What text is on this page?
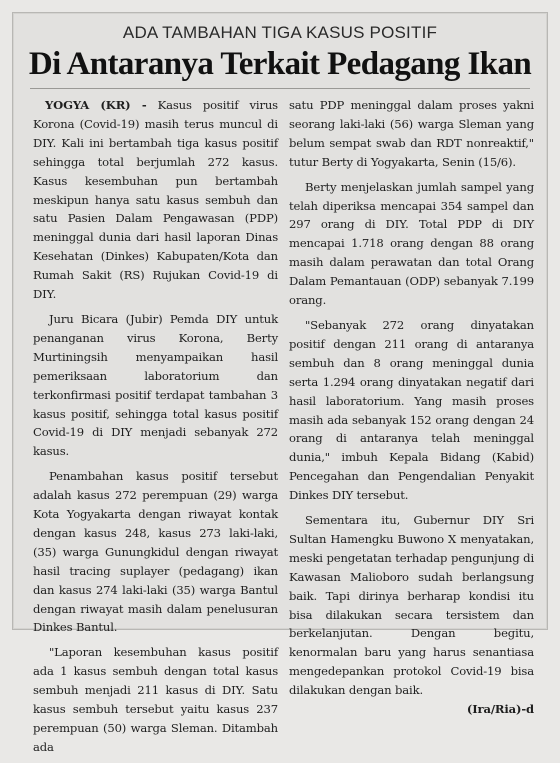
ADA TAMBAHAN TIGA KASUS POSITIF
Di Antaranya Terkait Pedagang Ikan

YOGYA (KR) - Kasus positif virus Korona (Covid-19) masih terus muncul di DIY. Kali ini bertambah tiga kasus positif sehingga total berjumlah 272 kasus. Kasus kesembuhan pun bertambah meskipun hanya satu kasus sembuh dan satu Pasien Dalam Pengawasan (PDP) meninggal dunia dari hasil laporan Dinas Kesehatan (Dinkes) Kabupaten/Kota dan Rumah Sakit (RS) Rujukan Covid-19 di DIY.

Juru Bicara (Jubir) Pemda DIY untuk penanganan virus Korona, Berty Murtiningsih menyampaikan hasil pemeriksaan laboratorium dan terkonfirmasi positif terdapat tambahan 3 kasus positif, sehingga total kasus positif Covid-19 di DIY menjadi sebanyak 272 kasus.

Penambahan kasus positif tersebut adalah kasus 272 perempuan (29) warga Kota Yogyakarta dengan riwayat kontak dengan kasus 248, kasus 273 laki-laki, (35) warga Gunungkidul dengan riwayat hasil tracing suplayer (pedagang) ikan dan kasus 274 laki-laki (35) warga Bantul dengan riwayat masih dalam penelusuran Dinkes Bantul.

"Laporan kesembuhan kasus positif ada 1 kasus sembuh dengan total kasus sembuh menjadi 211 kasus di DIY. Satu kasus sembuh tersebut yaitu kasus 237 perempuan (50) warga Sleman. Ditambah ada

satu PDP meninggal dalam proses yakni seorang laki-laki (56) warga Sleman yang belum sempat swab dan RDT nonreaktif," tutur Berty di Yogyakarta, Senin (15/6).

Berty menjelaskan jumlah sampel yang telah diperiksa mencapai 354 sampel dan 297 orang di DIY. Total PDP di DIY mencapai 1.718 orang dengan 88 orang masih dalam perawatan dan total Orang Dalam Pemantauan (ODP) sebanyak 7.199 orang.

"Sebanyak 272 orang dinyatakan positif dengan 211 orang di antaranya sembuh dan 8 orang meninggal dunia serta 1.294 orang dinyatakan negatif dari hasil laboratorium. Yang masih proses masih ada sebanyak 152 orang dengan 24 orang di antaranya telah meninggal dunia," imbuh Kepala Bidang (Kabid) Pencegahan dan Pengendalian Penyakit Dinkes DIY tersebut.

Sementara itu, Gubernur DIY Sri Sultan Hamengku Buwono X menyatakan, meski pengetatan terhadap pengunjung di Kawasan Malioboro sudah berlangsung baik. Tapi dirinya berharap kondisi itu bisa dilakukan secara tersistem dan berkelanjutan. Dengan begitu, kenormalan baru yang harus senantiasa mengedepankan protokol Covid-19 bisa dilakukan dengan baik.
(Ira/Ria)-d
